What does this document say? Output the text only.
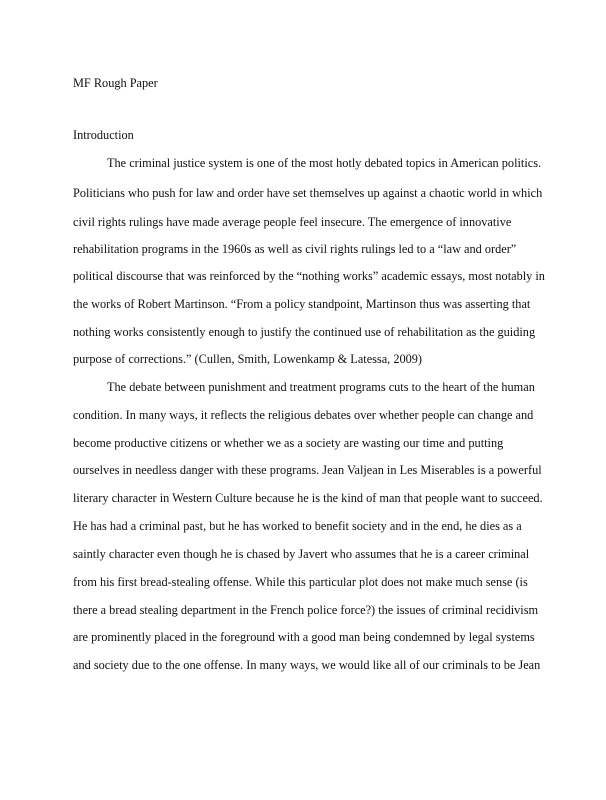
MF Rough Paper
Introduction
The criminal justice system is one of the most hotly debated topics in American politics.
Politicians who push for law and order have set themselves up against a chaotic world in which
civil rights rulings have made average people feel insecure. The emergence of innovative
rehabilitation programs in the 1960s as well as civil rights rulings led to a “law and order”
political discourse that was reinforced by the “nothing works” academic essays, most notably in
the works of Robert Martinson. “From a policy standpoint, Martinson thus was asserting that
nothing works consistently enough to justify the continued use of rehabilitation as the guiding
purpose of corrections.” (Cullen, Smith, Lowenkamp & Latessa, 2009)
The debate between punishment and treatment programs cuts to the heart of the human
condition. In many ways, it reflects the religious debates over whether people can change and
become productive citizens or whether we as a society are wasting our time and putting
ourselves in needless danger with these programs. Jean Valjean in Les Miserables is a powerful
literary character in Western Culture because he is the kind of man that people want to succeed.
He has had a criminal past, but he has worked to benefit society and in the end, he dies as a
saintly character even though he is chased by Javert who assumes that he is a career criminal
from his first bread-stealing offense. While this particular plot does not make much sense (is
there a bread stealing department in the French police force?) the issues of criminal recidivism
are prominently placed in the foreground with a good man being condemned by legal systems
and society due to the one offense. In many ways, we would like all of our criminals to be Jean
